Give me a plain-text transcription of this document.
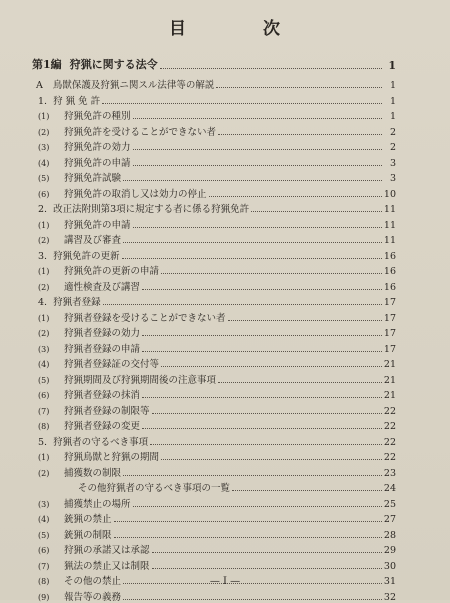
目	次
第1編 狩猟に関する法令	1
A 鳥獣保護及狩猟ニ関スル法律等の解説	1
1. 狩 猟 免 許	1
(1) 狩猟免許の種別	1
(2) 狩猟免許を受けることができない者	2
(3) 狩猟免許の効力	2
(4) 狩猟免許の申請	3
(5) 狩猟免許試験	3
(6) 狩猟免許の取消し又は効力の停止	10
2. 改正法附則第3項に規定する者に係る狩猟免許	11
(1) 狩猟免許の申請	11
(2) 講習及び審査	11
3. 狩猟免許の更新	16
(1) 狩猟免許の更新の申請	16
(2) 適性検査及び講習	16
4. 狩猟者登録	17
(1) 狩猟者登録を受けることができない者	17
(2) 狩猟者登録の効力	17
(3) 狩猟者登録の申請	17
(4) 狩猟者登録証の交付等	21
(5) 狩猟期間及び狩猟期間後の注意事項	21
(6) 狩猟者登録の抹消	21
(7) 狩猟者登録の制限等	22
(8) 狩猟者登録の変更	22
5. 狩猟者の守るべき事項	22
(1) 狩猟鳥獣と狩猟の期間	22
(2) 捕獲数の制限	23
その他狩猟者の守るべき事項の一覧	24
(3) 捕獲禁止の場所	25
(4) 銃猟の禁止	27
(5) 銃猟の制限	28
(6) 狩猟の承諾又は承認	29
(7) 猟法の禁止又は制限	30
(8) その他の禁止	31
(9) 報告等の義務	32
— I —
